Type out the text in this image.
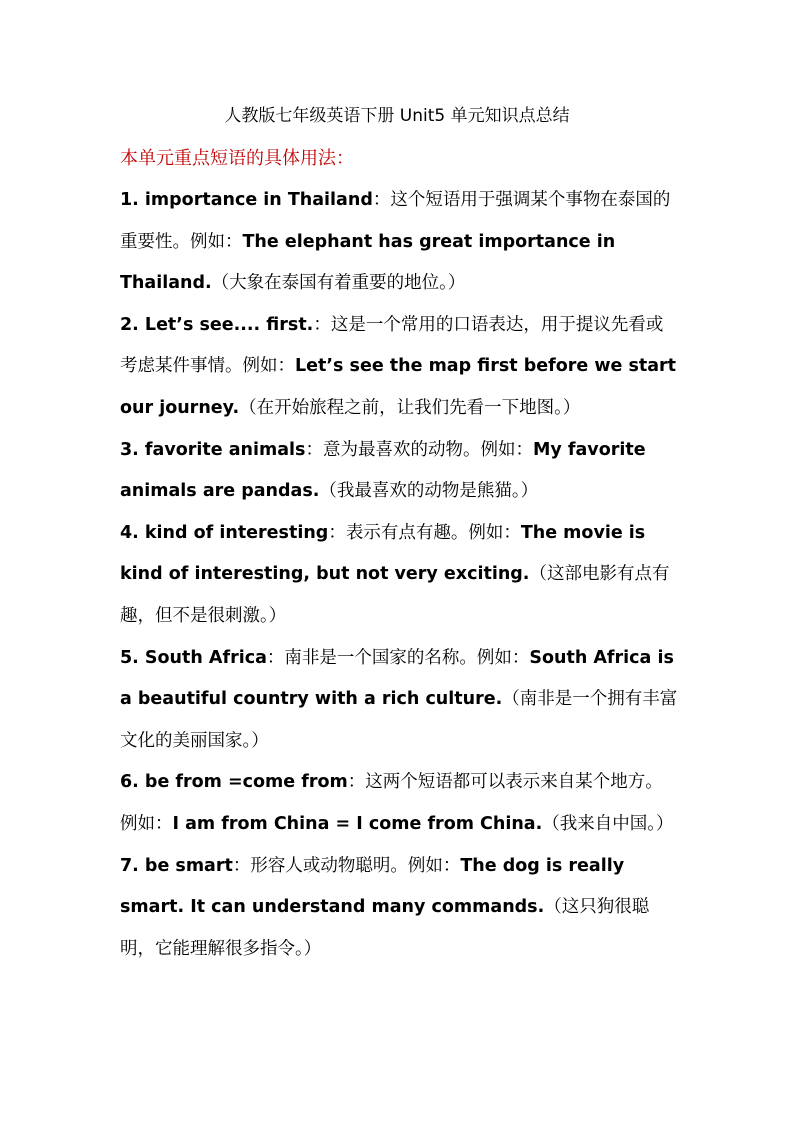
人教版七年级英语下册 Unit5 单元知识点总结
本单元重点短语的具体用法：

1. importance in Thailand：这个短语用于强调某个事物在泰国的重要性。例如：The elephant has great importance in Thailand.（大象在泰国有着重要的地位。）

2. Let’s see.... first.：这是一个常用的口语表达，用于提议先看或考虑某件事情。例如：Let’s see the map first before we start our journey.（在开始旅程之前，让我们先看一下地图。）

3. favorite animals：意为最喜欢的动物。例如：My favorite animals are pandas.（我最喜欢的动物是熊猫。）

4. kind of interesting：表示有点有趣。例如：The movie is kind of interesting, but not very exciting.（这部电影有点有趣，但不是很刺激。）

5. South Africa：南非是一个国家的名称。例如：South Africa is a beautiful country with a rich culture.（南非是一个拥有丰富文化的美丽国家。）

6. be from =come from：这两个短语都可以表示来自某个地方。例如：I am from China = I come from China.（我来自中国。）

7. be smart：形容人或动物聪明。例如：The dog is really smart. It can understand many commands.（这只狗很聪明，它能理解很多指令。）
